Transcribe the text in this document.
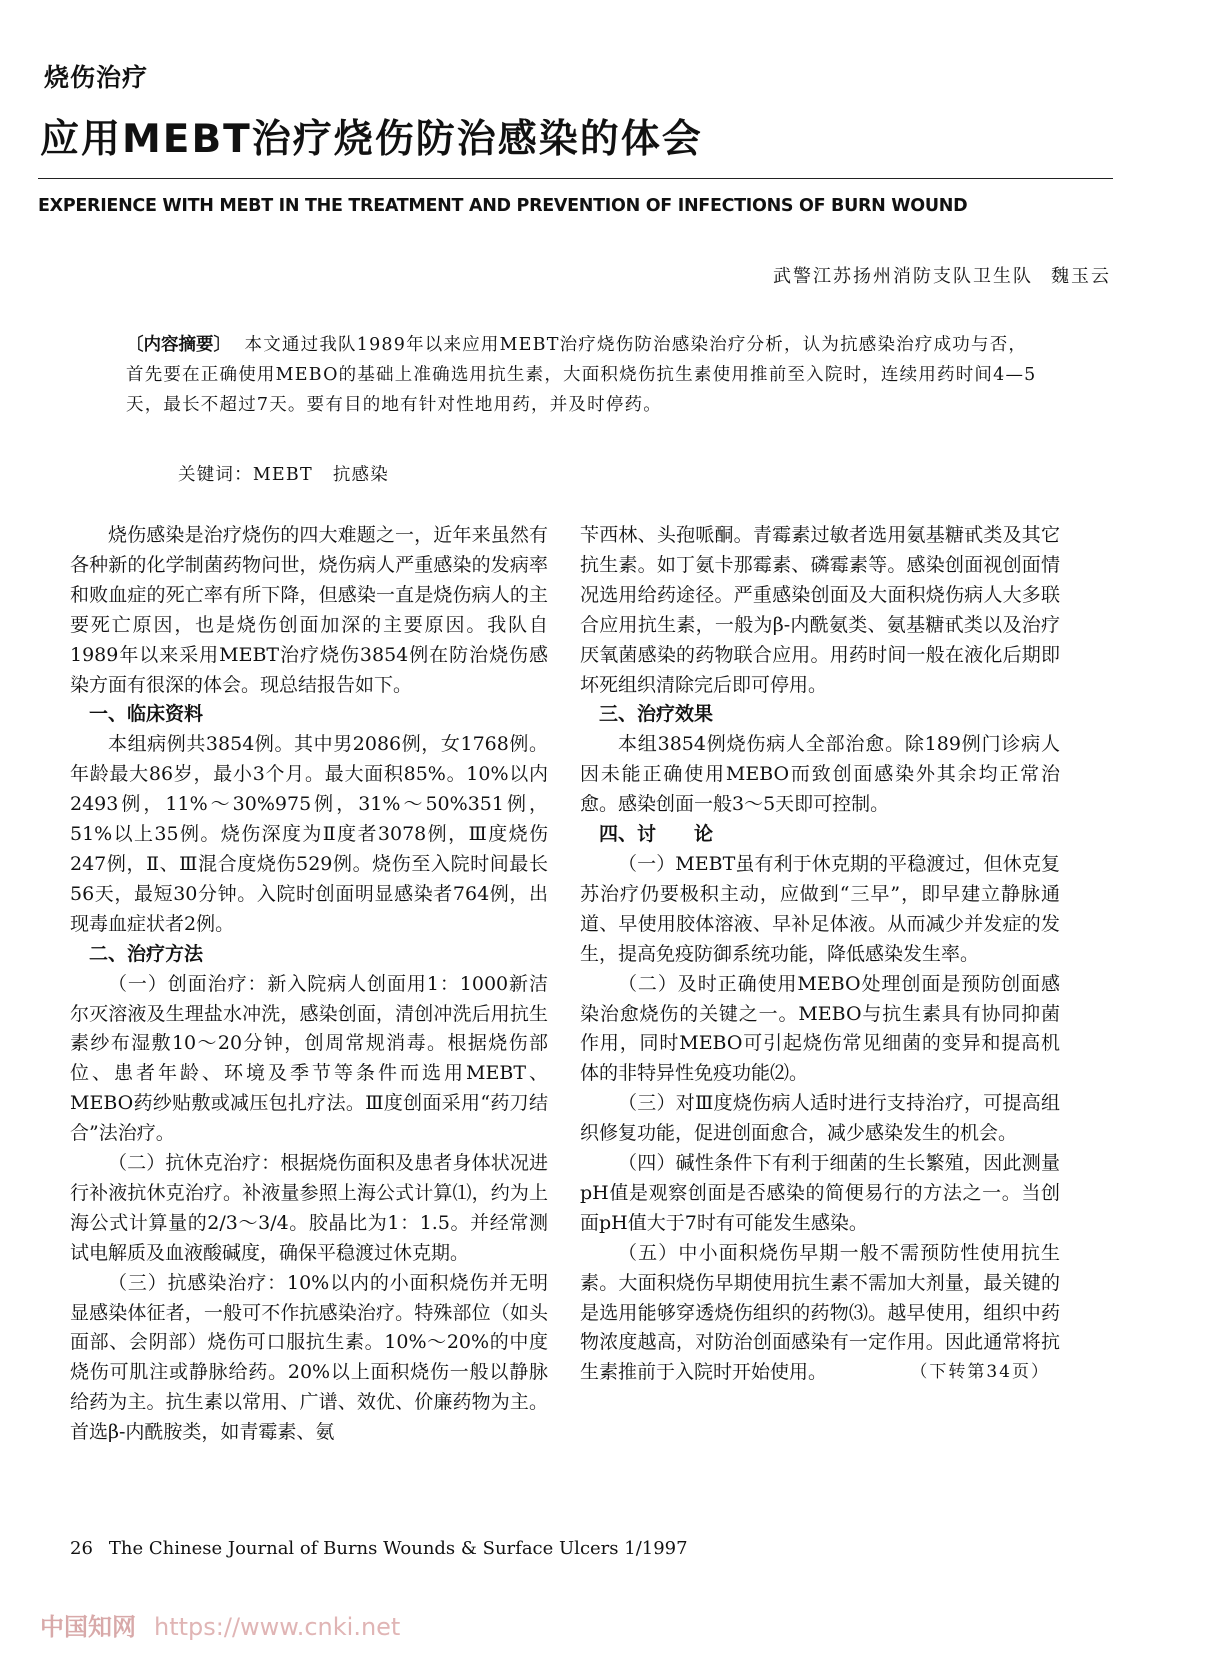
烧伤治疗
应用MEBT治疗烧伤防治感染的体会
EXPERIENCE WITH MEBT IN THE TREATMENT AND PREVENTION OF INFECTIONS OF BURN WOUND
武警江苏扬州消防支队卫生队 魏玉云
〔内容摘要〕 本文通过我队1989年以来应用MEBT治疗烧伤防治感染治疗分析，认为抗感染治疗成功与否，首先要在正确使用MEBO的基础上准确选用抗生素，大面积烧伤抗生素使用推前至入院时，连续用药时间4—5天，最长不超过7天。要有目的地有针对性地用药，并及时停药。
关键词：MEBT 抗感染

烧伤感染是治疗烧伤的四大难题之一，近年来虽然有各种新的化学制菌药物问世，烧伤病人严重感染的发病率和败血症的死亡率有所下降，但感染一直是烧伤病人的主要死亡原因，也是烧伤创面加深的主要原因。我队自1989年以来采用MEBT治疗烧伤3854例在防治烧伤感染方面有很深的体会。现总结报告如下。

一、临床资料

本组病例共3854例。其中男2086例，女1768例。年龄最大86岁，最小3个月。最大面积85%。10%以内2493例，11%～30%975例，31%～50%351例，51%以上35例。烧伤深度为Ⅱ度者3078例，Ⅲ度烧伤247例，Ⅱ、Ⅲ混合度烧伤529例。烧伤至入院时间最长56天，最短30分钟。入院时创面明显感染者764例，出现毒血症状者2例。

二、治疗方法

（一）创面治疗：新入院病人创面用1：1000新洁尔灭溶液及生理盐水冲洗，感染创面，清创冲洗后用抗生素纱布湿敷10～20分钟，创周常规消毒。根据烧伤部位、患者年龄、环境及季节等条件而选用MEBT、MEBO药纱贴敷或减压包扎疗法。Ⅲ度创面采用“药刀结合”法治疗。

（二）抗休克治疗：根据烧伤面积及患者身体状况进行补液抗休克治疗。补液量参照上海公式计算⑴，约为上海公式计算量的2/3～3/4。胶晶比为1：1.5。并经常测试电解质及血液酸碱度，确保平稳渡过休克期。

（三）抗感染治疗：10%以内的小面积烧伤并无明显感染体征者，一般可不作抗感染治疗。特殊部位（如头面部、会阴部）烧伤可口服抗生素。10%～20%的中度烧伤可肌注或静脉给药。20%以上面积烧伤一般以静脉给药为主。抗生素以常用、广谱、效优、价廉药物为主。首选β-内酰胺类，如青霉素、氨

苄西林、头孢哌酮。青霉素过敏者选用氨基糖甙类及其它抗生素。如丁氨卡那霉素、磷霉素等。感染创面视创面情况选用给药途径。严重感染创面及大面积烧伤病人大多联合应用抗生素，一般为β-内酰氨类、氨基糖甙类以及治疗厌氧菌感染的药物联合应用。用药时间一般在液化后期即坏死组织清除完后即可停用。

三、治疗效果

本组3854例烧伤病人全部治愈。除189例门诊病人因未能正确使用MEBO而致创面感染外其余均正常治愈。感染创面一般3～5天即可控制。

四、讨　　论

（一）MEBT虽有利于休克期的平稳渡过，但休克复苏治疗仍要极积主动，应做到“三早”，即早建立静脉通道、早使用胶体溶液、早补足体液。从而减少并发症的发生，提高免疫防御系统功能，降低感染发生率。

（二）及时正确使用MEBO处理创面是预防创面感染治愈烧伤的关键之一。MEBO与抗生素具有协同抑菌作用，同时MEBO可引起烧伤常见细菌的变异和提高机体的非特异性免疫功能⑵。

（三）对Ⅲ度烧伤病人适时进行支持治疗，可提高组织修复功能，促进创面愈合，减少感染发生的机会。

（四）碱性条件下有利于细菌的生长繁殖，因此测量pH值是观察创面是否感染的简便易行的方法之一。当创面pH值大于7时有可能发生感染。

（五）中小面积烧伤早期一般不需预防性使用抗生素。大面积烧伤早期使用抗生素不需加大剂量，最关键的是选用能够穿透烧伤组织的药物⑶。越早使用，组织中药物浓度越高，对防治创面感染有一定作用。因此通常将抗生素推前于入院时开始使用。	（下转第34页）
26 The Chinese Journal of Burns Wounds & Surface Ulcers 1/1997
中国知网 https://www.cnki.net
